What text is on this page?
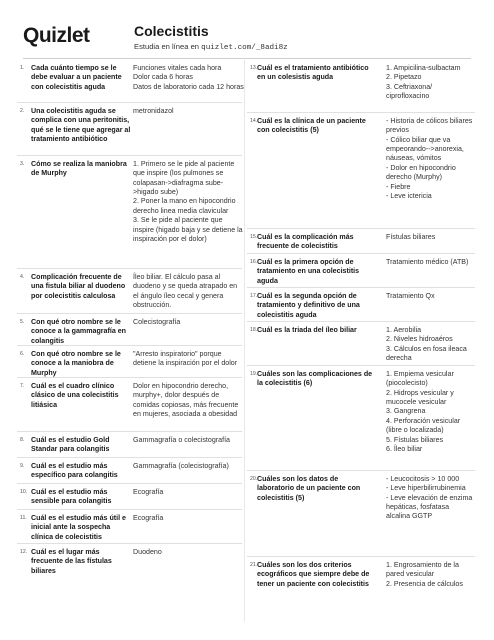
Quizlet	Colecistitis
Estudia en línea en quizlet.com/_8adi8z
1. Cada cuánto tiempo se le debe evaluar a un paciente con colecistitis aguda
Funciones vitales cada hora
Dolor cada 6 horas
Datos de laboratorio cada 12 horas
2. Una colecistitis aguda se complica con una peritonitis, qué se le tiene que agregar al tratamiento antibiótico
metronidazol
3. Cómo se realiza la maniobra de Murphy
1. Primero se le pide al paciente que inspire (los pulmones se colapasan->diafragma sube->higado sube)
2. Poner la mano en hipocondrio derecho linea media clavicular
3. Se le pide al paciente que inspire (higado baja y se detiene la inspiración por el dolor)
4. Complicación frecuente de una fistula biliar al duodeno por colecistitis calculosa
Íleo biliar. El cálculo pasa al duodeno y se queda atrapado en el ángulo íleo cecal y genera obstrucción.
5. Con qué otro nombre se le conoce a la gammagrafía en colangitis
Colecistografía
6. Con qué otro nombre se le conoce a la maniobra de Murphy
"Arresto inspiratorio" porque detiene la inspiración por el dolor
7. Cuál es el cuadro clínico clásico de una colecistitis litiásica
Dolor en hipocondrio derecho, murphy+, dolor después de comidas copiosas, más frecuente en mujeres, asociada a obesidad
8. Cuál es el estudio Gold Standar para colangitis
Gammagrafía o colecistografía
9. Cuál es el estudio más específico para colangitis
Gammagrafía (colecistografía)
10. Cuál es el estudio más sensible para colangitis
Ecografía
11. Cuál es el estudio más útil e inicial ante la sospecha clínica de colecistitis
Ecografía
12. Cuál es el lugar más frecuente de las fístulas biliares
Duodeno
13. Cuál es el tratamiento antibiótico en un colesistis aguda
1. Ampicilina-sulbactam
2. Pipetazo
3. Ceftriaxona/ ciprofloxacino
14. Cuál es la clínica de un paciente con colecistitis (5)
- Historia de cólicos biliares previos
- Cólico biliar que va empeorando-->anorexia, náuseas, vómitos
- Dolor en hipocondrio derecho (Murphy)
- Fiebre
- Leve ictericia
15. Cuál es la complicación más frecuente de colecistitis
Fístulas biliares
16. Cuál es la primera opción de tratamiento en una colecistitis aguda
Tratamiento médico (ATB)
17. Cuál es la segunda opción de tratamiento y definitivo de una colecistitis aguda
Tratamiento Qx
18. Cuál es la triada del íleo biliar	1. Aerobilia
2. Niveles hidroaéros
3. Cálculos en fosa ileaca derecha
19. Cuáles son las complicaciones de la colecistitis (6)
1. Empiema vesicular (piocolecisto)
2. Hidrops vesicular y mucocele vesicular
3. Gangrena
4. Perforación vesicular (libre o localizada)
5. Fístulas biliares
6. Íleo biliar
20. Cuáles son los datos de laboratorio de un paciente con colecistitis (5)
- Leucocitosis > 10 000
- Leve hiperbilirrubinemia
- Leve elevación de enzima hepáticas, fosfatasa alcalina GGTP
21. Cuáles son los dos criterios ecográficos que siempre debe de tener un paciente con colecistitis
1. Engrosamiento de la pared vesicular
2. Presencia de cálculos
